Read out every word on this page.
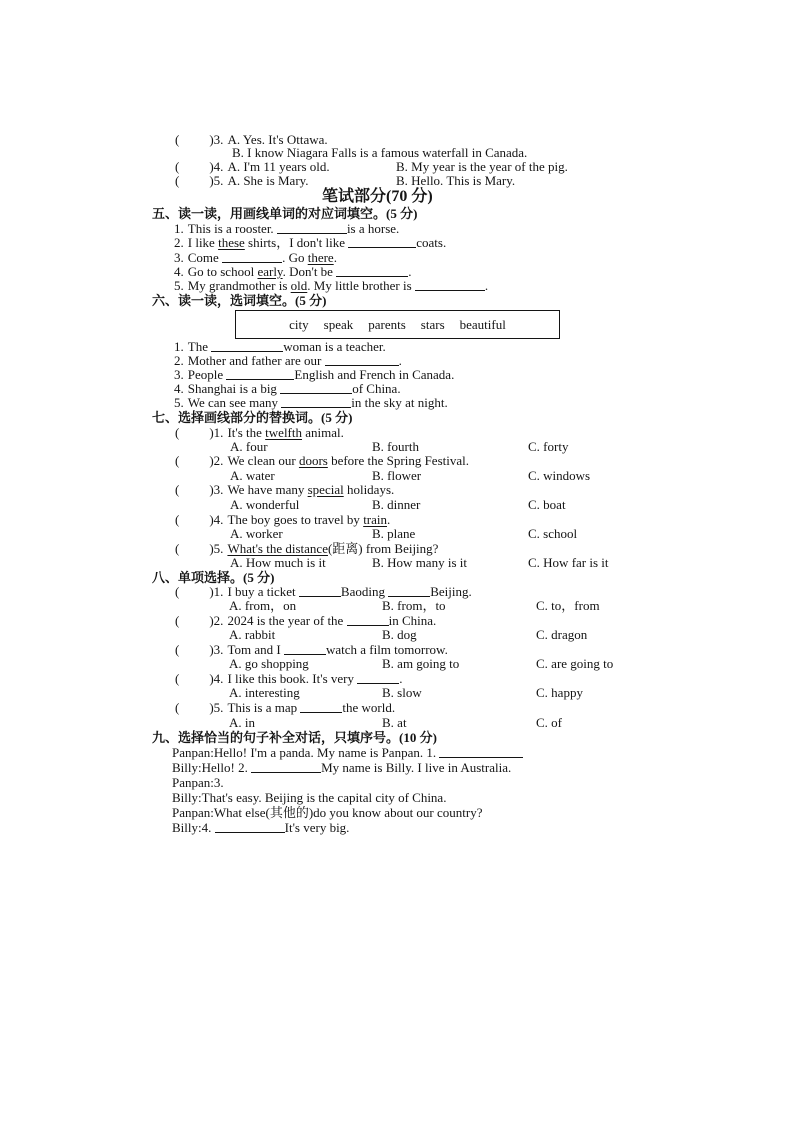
( )3. A. Yes. It's Ottawa.
B. I know Niagara Falls is a famous waterfall in Canada.
( )4. A. I'm 11 years old.	B. My year is the year of the pig.
( )5. A. She is Mary.	B. Hello. This is Mary.
笔试部分(70 分)
五、读一读，用画线单词的对应词填空。(5 分)
1. This is a rooster.	is a horse.
2. I like these shirts，I don't like	coats.
3. Come	. Go there.
4. Go to school early. Don't be	.
5. My grandmother is old. My little brother is	.
六、读一读，选词填空。(5 分)
city speak parents stars beautiful
1. The	woman is a teacher.
2. Mother and father are our	.
3. People	English and French in Canada.
4. Shanghai is a big	of China.
5. We can see many	in the sky at night.
七、选择画线部分的替换词。(5 分)
( )1. It's the twelfth animal.
A. four	B. fourth	C. forty
( )2. We clean our doors before the Spring Festival.
A. water	B. flower	C. windows
( )3. We have many special holidays.
A. wonderful	B. dinner	C. boat
( )4. The boy goes to travel by train.
A. worker	B. plane	C. school
( )5. What's the distance(距离) from Beijing?
A. How much is it	B. How many is it	C. How far is it
八、单项选择。(5 分)
( )1. I buy a ticket	Baoding	Beijing.
A. from，on	B. from，to	C. to，from
( )2. 2024 is the year of the	in China.
A. rabbit	B. dog	C. dragon
( )3. Tom and I	watch a film tomorrow.
A. go shopping	B. am going to	C. are going to
( )4. I like this book. It's very	.
A. interesting	B. slow	C. happy
( )5. This is a map	the world.
A. in	B. at	C. of
九、选择恰当的句子补全对话，只填序号。(10 分)
Panpan:Hello! I'm a panda. My name is Panpan. 1.
Billy:Hello! 2.	My name is Billy. I live in Australia.
Panpan:3.
Billy:That's easy. Beijing is the capital city of China.
Panpan:What else(其他的)do you know about our country?
Billy:4.	It's very big.
